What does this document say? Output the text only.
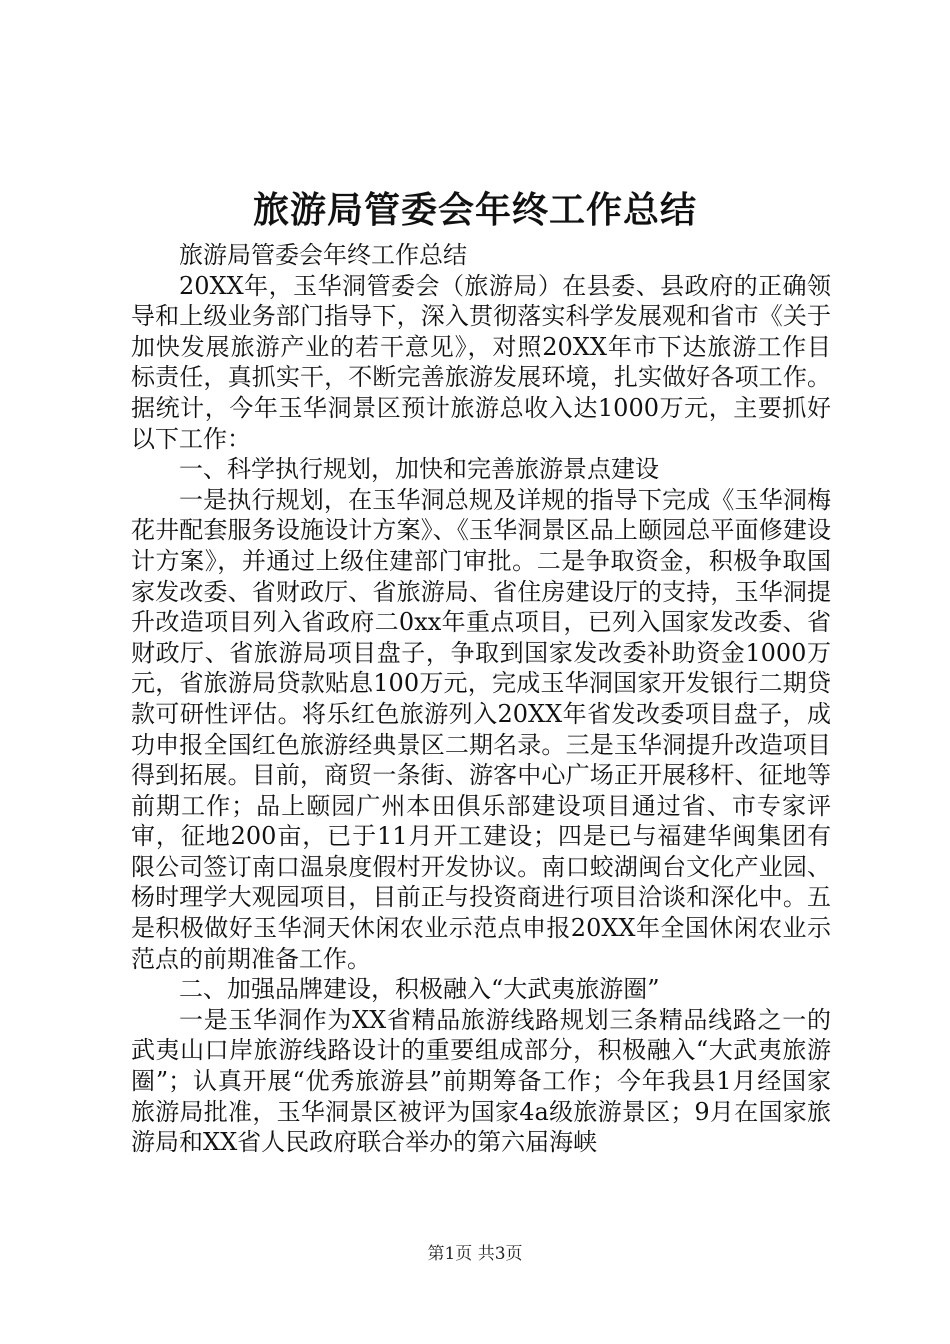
旅游局管委会年终工作总结

旅游局管委会年终工作总结

20XX年，玉华洞管委会（旅游局）在县委、县政府的正确领导和上级业务部门指导下，深入贯彻落实科学发展观和省市《关于加快发展旅游产业的若干意见》，对照20XX年市下达旅游工作目标责任，真抓实干，不断完善旅游发展环境，扎实做好各项工作。据统计，今年玉华洞景区预计旅游总收入达1000万元，主要抓好以下工作：

一、科学执行规划，加快和完善旅游景点建设

一是执行规划，在玉华洞总规及详规的指导下完成《玉华洞梅花井配套服务设施设计方案》、《玉华洞景区品上颐园总平面修建设计方案》，并通过上级住建部门审批。二是争取资金，积极争取国家发改委、省财政厅、省旅游局、省住房建设厅的支持，玉华洞提升改造项目列入省政府二0xx年重点项目，已列入国家发改委、省财政厅、省旅游局项目盘子，争取到国家发改委补助资金1000万元，省旅游局贷款贴息100万元，完成玉华洞国家开发银行二期贷款可研性评估。将乐红色旅游列入20XX年省发改委项目盘子，成功申报全国红色旅游经典景区二期名录。三是玉华洞提升改造项目得到拓展。目前，商贸一条街、游客中心广场正开展移杆、征地等前期工作；品上颐园广州本田俱乐部建设项目通过省、市专家评审，征地200亩，已于11月开工建设；四是已与福建华闽集团有限公司签订南口温泉度假村开发协议。南口蛟湖闽台文化产业园、杨时理学大观园项目，目前正与投资商进行项目洽谈和深化中。五是积极做好玉华洞天休闲农业示范点申报20XX年全国休闲农业示范点的前期准备工作。

二、加强品牌建设，积极融入“大武夷旅游圈”

一是玉华洞作为XX省精品旅游线路规划三条精品线路之一的武夷山口岸旅游线路设计的重要组成部分，积极融入“大武夷旅游圈”；认真开展“优秀旅游县”前期筹备工作；今年我县1月经国家旅游局批准，玉华洞景区被评为国家4a级旅游景区；9月在国家旅游局和XX省人民政府联合举办的第六届海峡

第1页 共3页
